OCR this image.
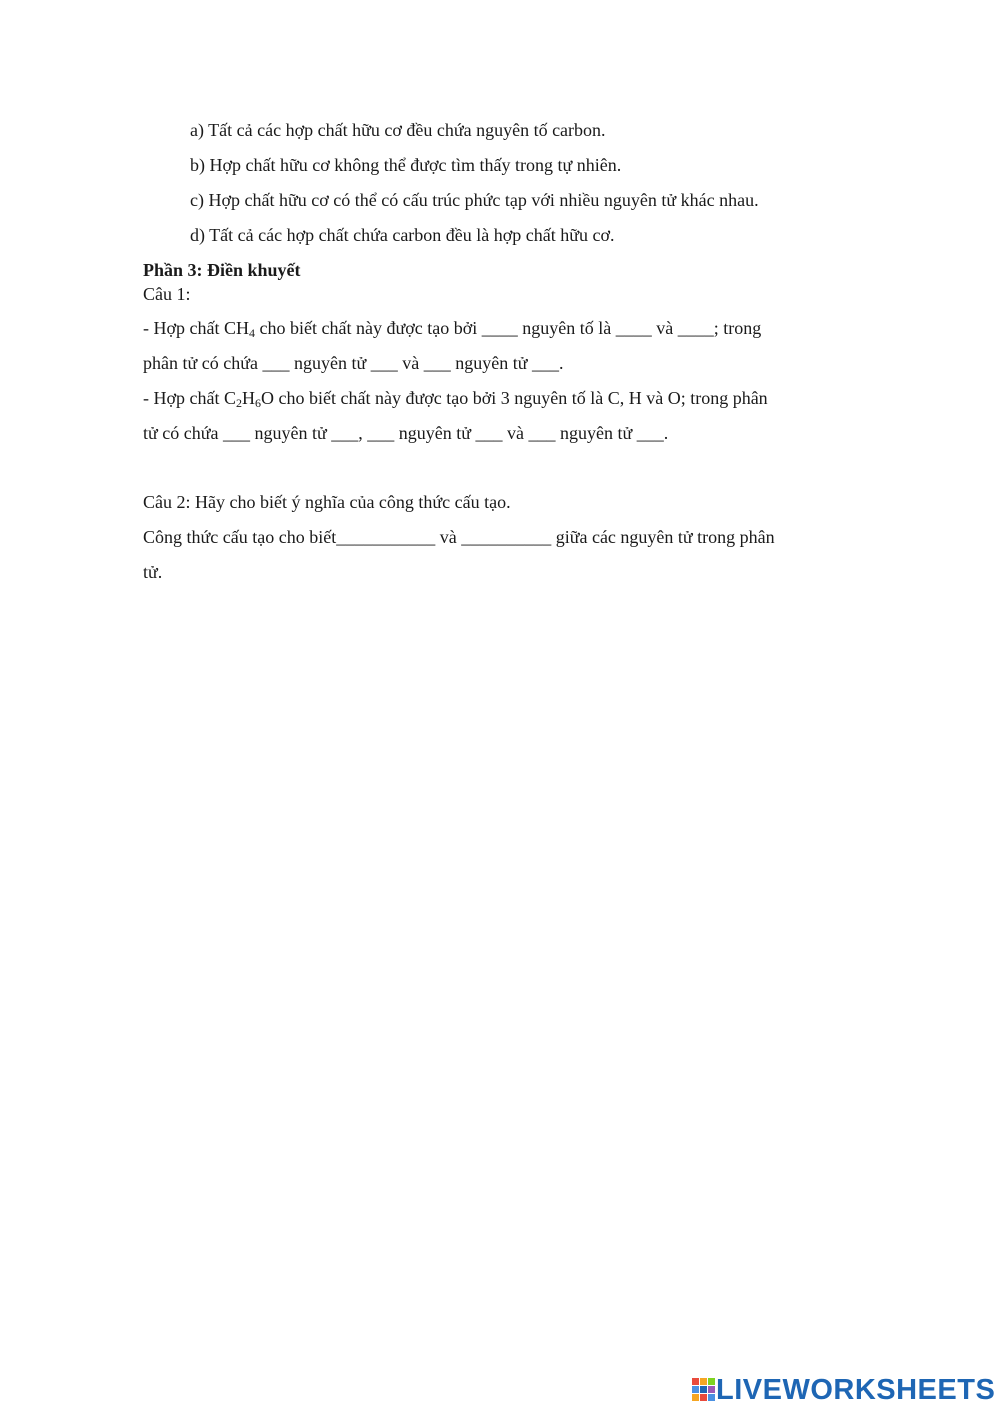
a) Tất cả các hợp chất hữu cơ đều chứa nguyên tố carbon.
b) Hợp chất hữu cơ không thể được tìm thấy trong tự nhiên.
c) Hợp chất hữu cơ có thể có cấu trúc phức tạp với nhiều nguyên tử khác nhau.
d) Tất cả các hợp chất chứa carbon đều là hợp chất hữu cơ.
Phần 3: Điền khuyết
Câu 1:
- Hợp chất $CH_4$ cho biết chất này được tạo bởi ____ nguyên tố là ____ và ____; trong
phân tử có chứa ___ nguyên tử ___ và ___ nguyên tử ___.
- Hợp chất $C_2H_6O$ cho biết chất này được tạo bởi 3 nguyên tố là C, H và O; trong phân
tử có chứa ___ nguyên tử ___, ___ nguyên tử ___ và ___ nguyên tử ___.
Câu 2: Hãy cho biết ý nghĩa của công thức cấu tạo.
Công thức cấu tạo cho biết___________ và __________ giữa các nguyên tử trong phân
tử.
LIVEWORKSHEETS
